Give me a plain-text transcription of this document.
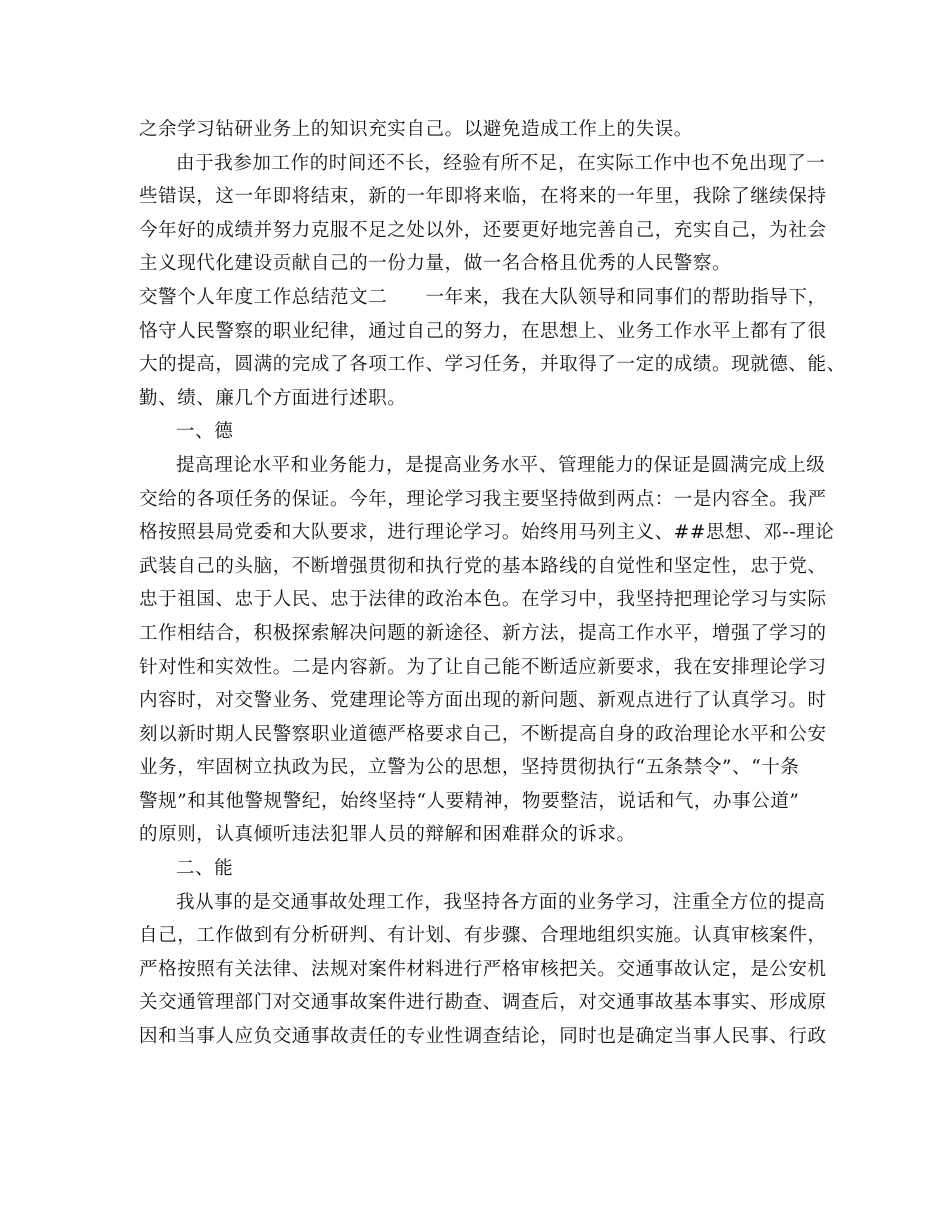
之余学习钻研业务上的知识充实自己。以避免造成工作上的失误。
由于我参加工作的时间还不长，经验有所不足，在实际工作中也不免出现了一
些错误，这一年即将结束，新的一年即将来临，在将来的一年里，我除了继续保持
今年好的成绩并努力克服不足之处以外，还要更好地完善自己，充实自己，为社会
主义现代化建设贡献自己的一份力量，做一名合格且优秀的人民警察。
交警个人年度工作总结范文二　　一年来，我在大队领导和同事们的帮助指导下，
恪守人民警察的职业纪律，通过自己的努力，在思想上、业务工作水平上都有了很
大的提高，圆满的完成了各项工作、学习任务，并取得了一定的成绩。现就德、能、
勤、绩、廉几个方面进行述职。
一、德
提高理论水平和业务能力，是提高业务水平、管理能力的保证是圆满完成上级
交给的各项任务的保证。今年，理论学习我主要坚持做到两点：一是内容全。我严
格按照县局党委和大队要求，进行理论学习。始终用马列主义、##思想、邓--理论
武装自己的头脑，不断增强贯彻和执行党的基本路线的自觉性和坚定性，忠于党、
忠于祖国、忠于人民、忠于法律的政治本色。在学习中，我坚持把理论学习与实际
工作相结合，积极探索解决问题的新途径、新方法，提高工作水平，增强了学习的
针对性和实效性。二是内容新。为了让自己能不断适应新要求，我在安排理论学习
内容时，对交警业务、党建理论等方面出现的新问题、新观点进行了认真学习。时
刻以新时期人民警察职业道德严格要求自己，不断提高自身的政治理论水平和公安
业务，牢固树立执政为民，立警为公的思想，坚持贯彻执行“五条禁令”、“十条
警规”和其他警规警纪，始终坚持“人要精神，物要整洁，说话和气，办事公道”
的原则，认真倾听违法犯罪人员的辩解和困难群众的诉求。
二、能
我从事的是交通事故处理工作，我坚持各方面的业务学习，注重全方位的提高
自己，工作做到有分析研判、有计划、有步骤、合理地组织实施。认真审核案件，
严格按照有关法律、法规对案件材料进行严格审核把关。交通事故认定，是公安机
关交通管理部门对交通事故案件进行勘查、调查后，对交通事故基本事实、形成原
因和当事人应负交通事故责任的专业性调查结论，同时也是确定当事人民事、行政
